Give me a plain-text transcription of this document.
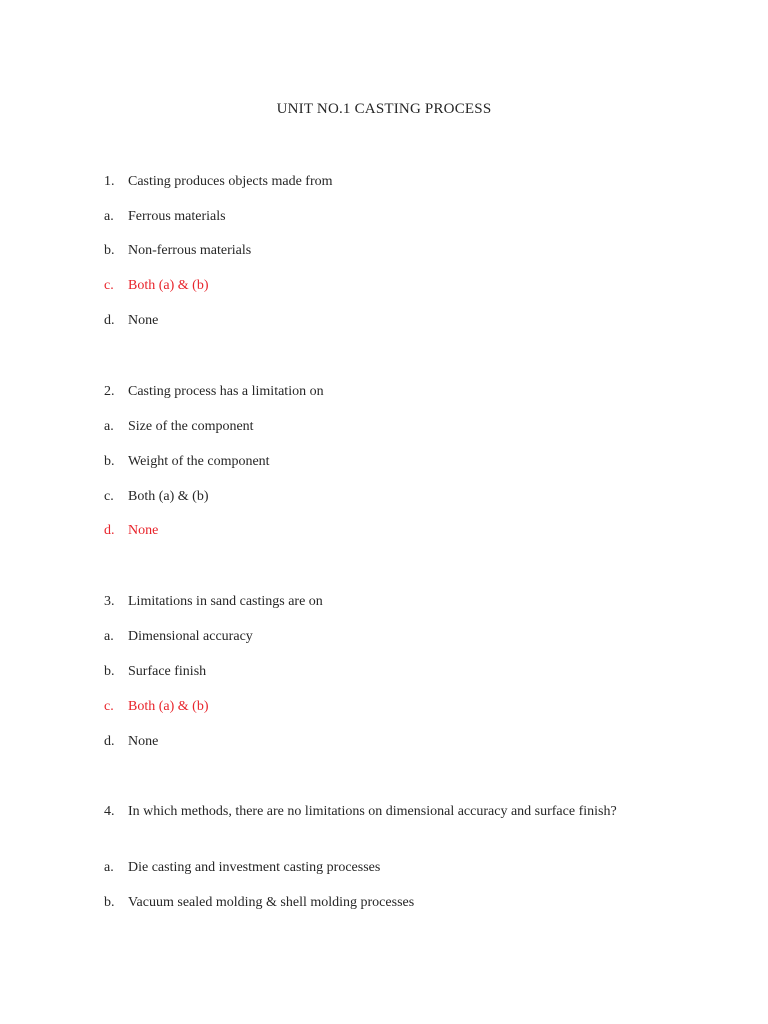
UNIT NO.1 CASTING PROCESS
1. Casting produces objects made from
a. Ferrous materials
b. Non-ferrous materials
c. Both (a) & (b)
d. None
2. Casting process has a limitation on
a. Size of the component
b. Weight of the component
c. Both (a) & (b)
d. None
3. Limitations in sand castings are on
a. Dimensional accuracy
b. Surface finish
c. Both (a) & (b)
d. None
4. In which methods, there are no limitations on dimensional accuracy and surface finish?
a. Die casting and investment casting processes
b. Vacuum sealed molding & shell molding processes
